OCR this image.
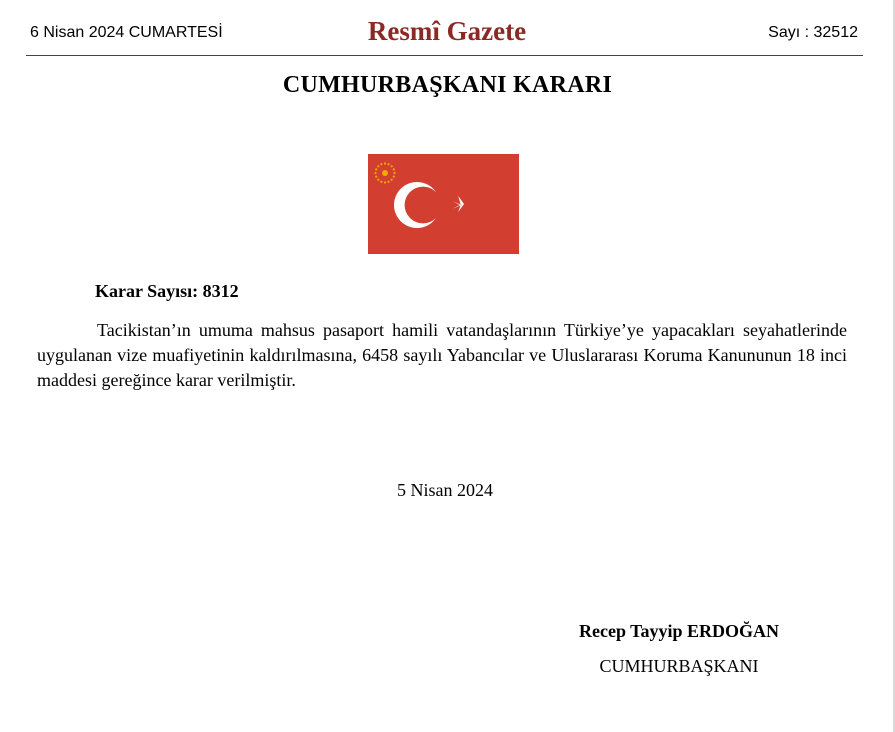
6 Nisan 2024 CUMARTESİ	Resmî Gazete	Sayı : 32512
CUMHURBAŞKANI KARARI
Karar Sayısı: 8312
Tacikistan’ın umuma mahsus pasaport hamili vatandaşlarının Türkiye’ye yapacakları seyahatlerinde uygulanan vize muafiyetinin kaldırılmasına, 6458 sayılı Yabancılar ve Uluslararası Koruma Kanununun 18 inci maddesi gereğince karar verilmiştir.
5 Nisan 2024
Recep Tayyip ERDOĞAN
CUMHURBAŞKANI
